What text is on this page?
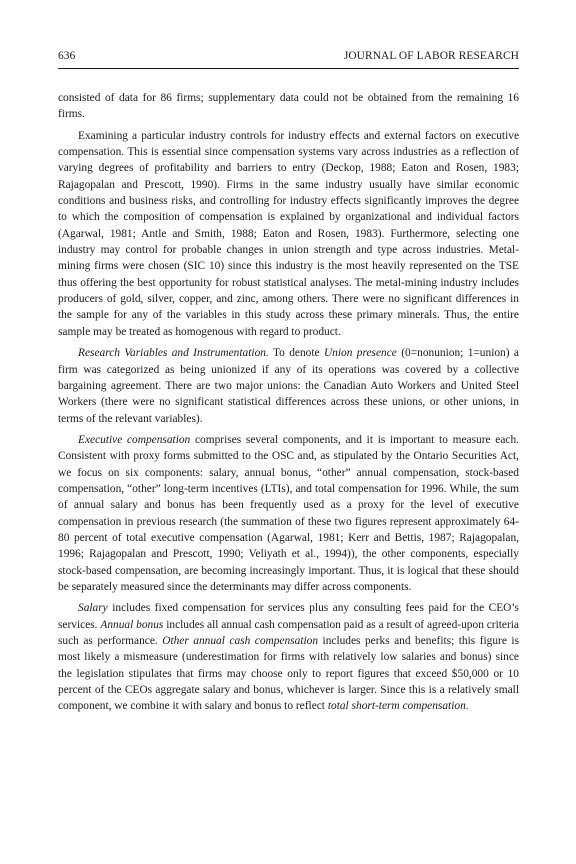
636	JOURNAL OF LABOR RESEARCH

consisted of data for 86 firms; supplementary data could not be obtained from the remaining 16 firms.

Examining a particular industry controls for industry effects and external factors on executive compensation. This is essential since compensation systems vary across industries as a reflection of varying degrees of profitability and barriers to entry (Deckop, 1988; Eaton and Rosen, 1983; Rajagopalan and Prescott, 1990). Firms in the same industry usually have similar economic conditions and business risks, and controlling for industry effects significantly improves the degree to which the composition of compensation is explained by organizational and individual factors (Agarwal, 1981; Antle and Smith, 1988; Eaton and Rosen, 1983). Furthermore, selecting one industry may control for probable changes in union strength and type across industries. Metal-mining firms were chosen (SIC 10) since this industry is the most heavily represented on the TSE thus offering the best opportunity for robust statistical analyses. The metal-mining industry includes producers of gold, silver, copper, and zinc, among others. There were no significant differences in the sample for any of the variables in this study across these primary minerals. Thus, the entire sample may be treated as homogenous with regard to product.

Research Variables and Instrumentation. To denote Union presence (0=nonunion; 1=union) a firm was categorized as being unionized if any of its operations was covered by a collective bargaining agreement. There are two major unions: the Canadian Auto Workers and United Steel Workers (there were no significant statistical differences across these unions, or other unions, in terms of the relevant variables).

Executive compensation comprises several components, and it is important to measure each. Consistent with proxy forms submitted to the OSC and, as stipulated by the Ontario Securities Act, we focus on six components: salary, annual bonus, “other” annual compensation, stock-based compensation, “other” long-term incentives (LTIs), and total compensation for 1996. While, the sum of annual salary and bonus has been frequently used as a proxy for the level of executive compensation in previous research (the summation of these two figures represent approximately 64-80 percent of total executive compensation (Agarwal, 1981; Kerr and Bettis, 1987; Rajagopalan, 1996; Rajagopalan and Prescott, 1990; Veliyath et al., 1994)), the other components, especially stock-based compensation, are becoming increasingly important. Thus, it is logical that these should be separately measured since the determinants may differ across components.

Salary includes fixed compensation for services plus any consulting fees paid for the CEO’s services. Annual bonus includes all annual cash compensation paid as a result of agreed-upon criteria such as performance. Other annual cash compensation includes perks and benefits; this figure is most likely a mismeasure (underestimation for firms with relatively low salaries and bonus) since the legislation stipulates that firms may choose only to report figures that exceed $50,000 or 10 percent of the CEOs aggregate salary and bonus, whichever is larger. Since this is a relatively small component, we combine it with salary and bonus to reflect total short-term compensation.
